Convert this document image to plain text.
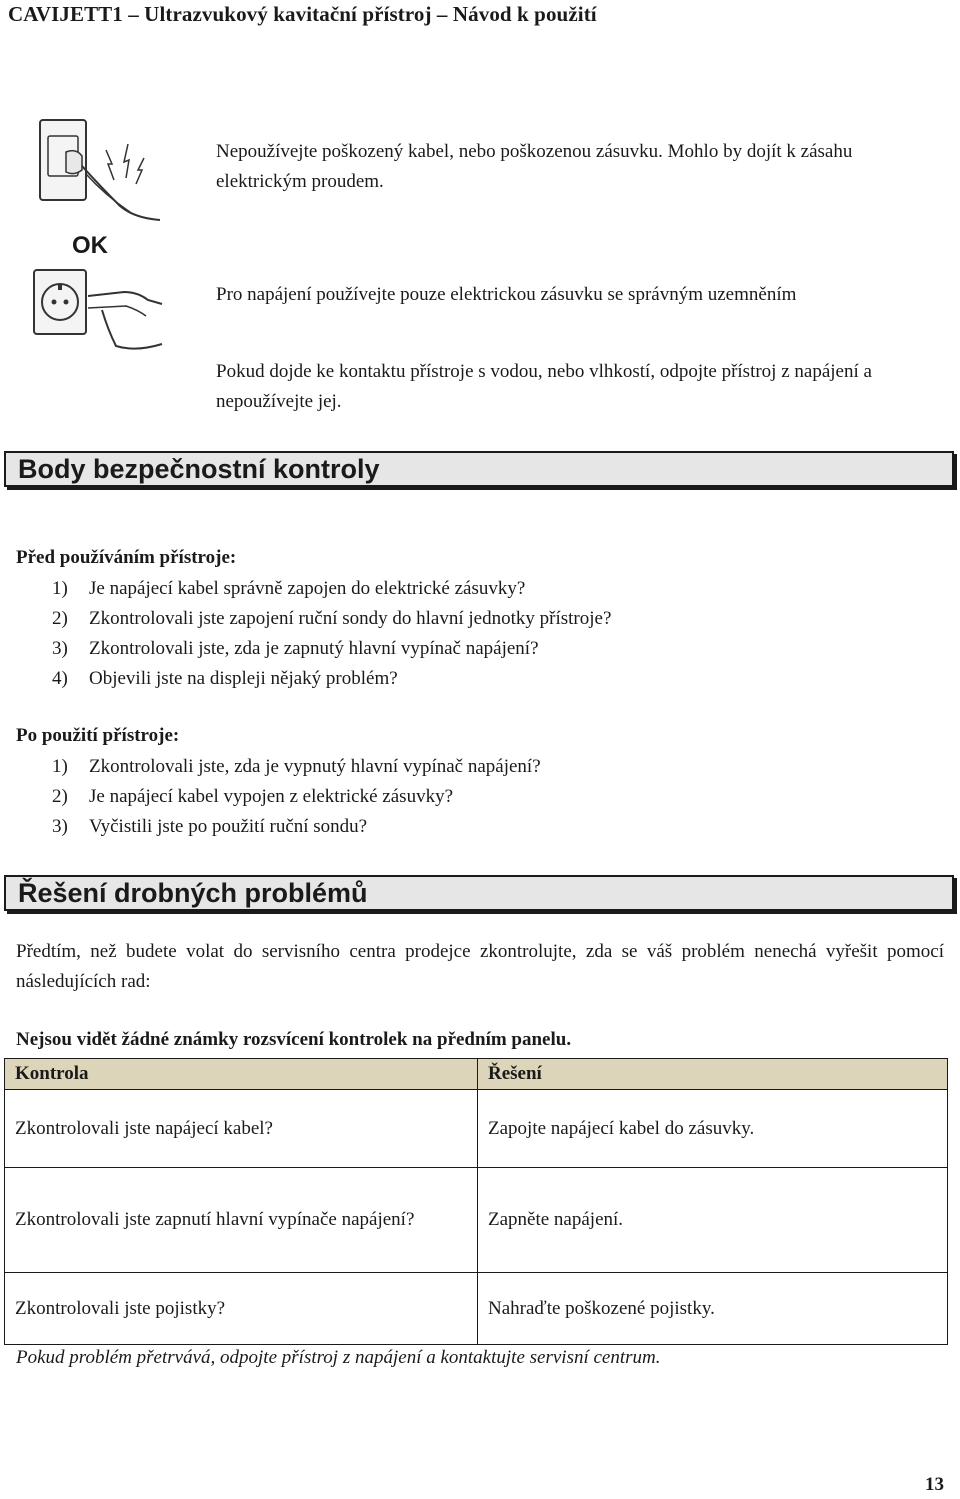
CAVIJETT1 – Ultrazvukový kavitační přístroj – Návod k použití
Nepoužívejte poškozený kabel, nebo poškozenou zásuvku. Mohlo by dojít k zásahu elektrickým proudem.
OK
Pro napájení používejte pouze elektrickou zásuvku se správným uzemněním
Pokud dojde ke kontaktu přístroje s vodou, nebo vlhkostí, odpojte přístroj z napájení a nepoužívejte jej.
Body bezpečnostní kontroly
Před používáním přístroje:
1) Je napájecí kabel správně zapojen do elektrické zásuvky?
2) Zkontrolovali jste zapojení ruční sondy do hlavní jednotky přístroje?
3) Zkontrolovali jste, zda je zapnutý hlavní vypínač napájení?
4) Objevili jste na displeji nějaký problém?
Po použití přístroje:
1) Zkontrolovali jste, zda je vypnutý hlavní vypínač napájení?
2) Je napájecí kabel vypojen z elektrické zásuvky?
3) Vyčistili jste po použití ruční sondu?
Řešení drobných problémů
Předtím, než budete volat do servisního centra prodejce zkontrolujte, zda se váš problém nenechá vyřešit pomocí následujících rad:
Nejsou vidět žádné známky rozsvícení kontrolek na předním panelu.
Kontrola	Řešení
Zkontrolovali jste napájecí kabel?	Zapojte napájecí kabel do zásuvky.
Zkontrolovali jste zapnutí hlavní vypínače napájení?	Zapněte napájení.
Zkontrolovali jste pojistky?	Nahraďte poškozené pojistky.
Pokud problém přetrvává, odpojte přístroj z napájení a kontaktujte servisní centrum.
13
